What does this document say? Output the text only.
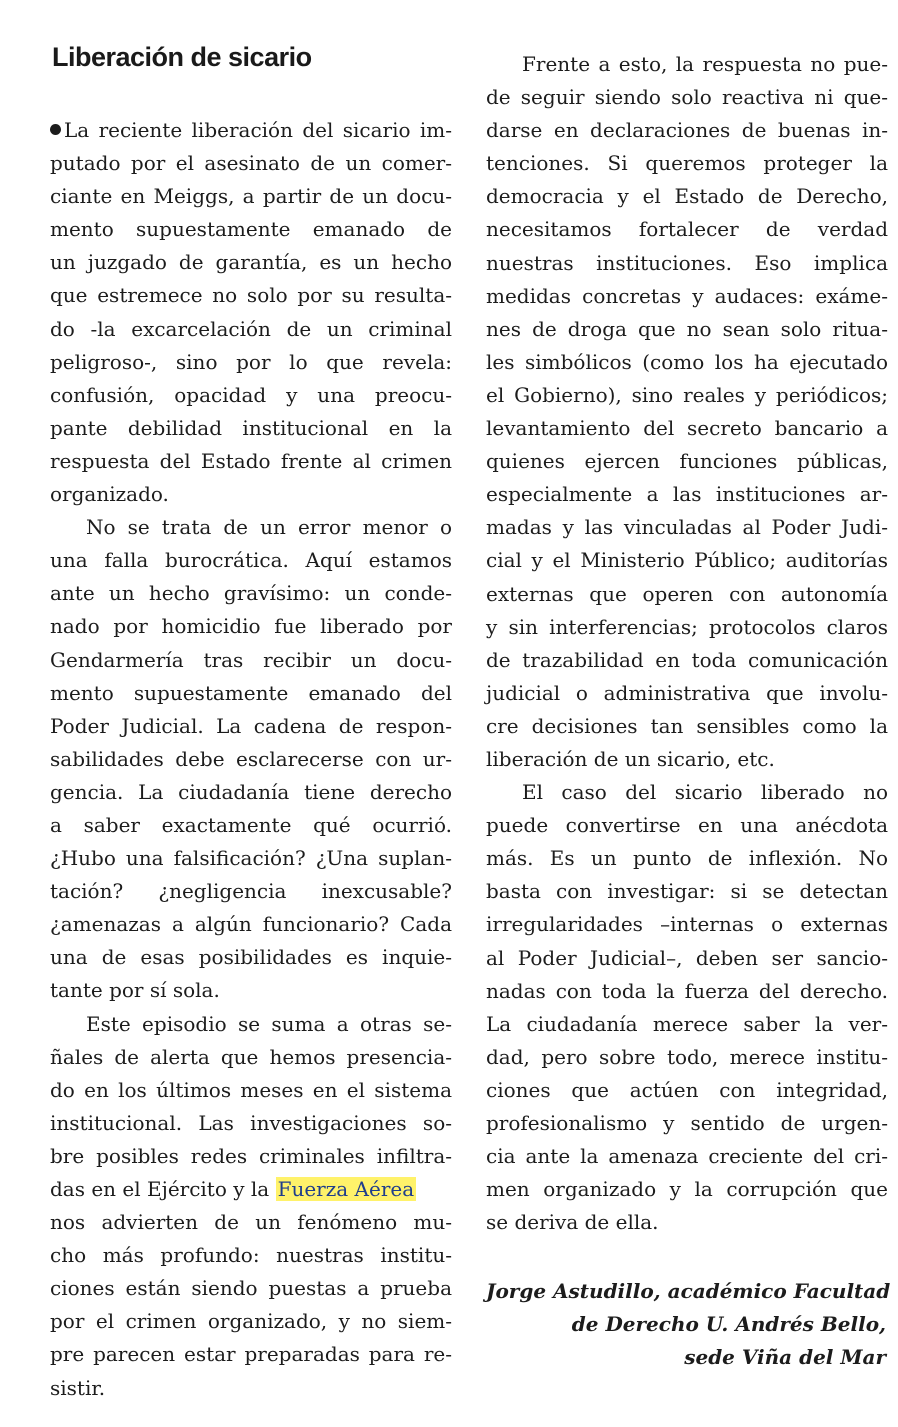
Liberación de sicario
La reciente liberación del sicario im-
putado por el asesinato de un comer-
ciante en Meiggs, a partir de un docu-
mento supuestamente emanado de
un juzgado de garantía, es un hecho
que estremece no solo por su resulta-
do -la excarcelación de un criminal
peligroso-, sino por lo que revela:
confusión, opacidad y una preocu-
pante debilidad institucional en la
respuesta del Estado frente al crimen
organizado.
No se trata de un error menor o
una falla burocrática. Aquí estamos
ante un hecho gravísimo: un conde-
nado por homicidio fue liberado por
Gendarmería tras recibir un docu-
mento supuestamente emanado del
Poder Judicial. La cadena de respon-
sabilidades debe esclarecerse con ur-
gencia. La ciudadanía tiene derecho
a saber exactamente qué ocurrió.
¿Hubo una falsificación? ¿Una suplan-
tación? ¿negligencia inexcusable?
¿amenazas a algún funcionario? Cada
una de esas posibilidades es inquie-
tante por sí sola.
Este episodio se suma a otras se-
ñales de alerta que hemos presencia-
do en los últimos meses en el sistema
institucional. Las investigaciones so-
bre posibles redes criminales infiltra-
das en el Ejército y la Fuerza Aérea
nos advierten de un fenómeno mu-
cho más profundo: nuestras institu-
ciones están siendo puestas a prueba
por el crimen organizado, y no siem-
pre parecen estar preparadas para re-
sistir.
Frente a esto, la respuesta no pue-
de seguir siendo solo reactiva ni que-
darse en declaraciones de buenas in-
tenciones. Si queremos proteger la
democracia y el Estado de Derecho,
necesitamos fortalecer de verdad
nuestras instituciones. Eso implica
medidas concretas y audaces: exáme-
nes de droga que no sean solo ritua-
les simbólicos (como los ha ejecutado
el Gobierno), sino reales y periódicos;
levantamiento del secreto bancario a
quienes ejercen funciones públicas,
especialmente a las instituciones ar-
madas y las vinculadas al Poder Judi-
cial y el Ministerio Público; auditorías
externas que operen con autonomía
y sin interferencias; protocolos claros
de trazabilidad en toda comunicación
judicial o administrativa que involu-
cre decisiones tan sensibles como la
liberación de un sicario, etc.
El caso del sicario liberado no
puede convertirse en una anécdota
más. Es un punto de inflexión. No
basta con investigar: si se detectan
irregularidades –internas o externas
al Poder Judicial–, deben ser sancio-
nadas con toda la fuerza del derecho.
La ciudadanía merece saber la ver-
dad, pero sobre todo, merece institu-
ciones que actúen con integridad,
profesionalismo y sentido de urgen-
cia ante la amenaza creciente del cri-
men organizado y la corrupción que
se deriva de ella.
Jorge Astudillo, académico Facultad
de Derecho U. Andrés Bello,
sede Viña del Mar
